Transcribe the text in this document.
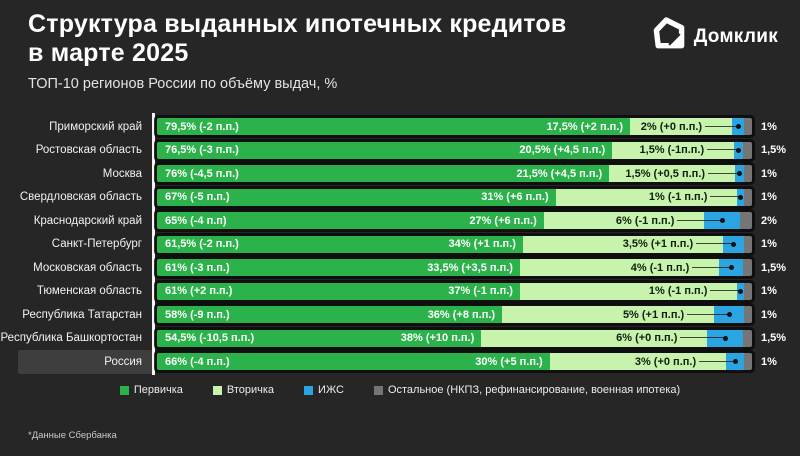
Структура выданных ипотечных кредитов
в марте 2025
ТОП-10 регионов России по объёму выдач, %
Домклик
Приморский край	79,5% (-2 п.п.)	17,5% (+2 п.п.) 2% (+0 п.п.)	1%
Ростовская область	76,5% (-3 п.п.)	20,5% (+4,5 п.п.)	1,5% (-1п.п.)	1,5%
Москва	76% (-4,5 п.п.)	21,5% (+4,5 п.п.) 1,5% (+0,5 п.п.)	1%
Свердловская область	67% (-5 п.п.)	31% (+6 п.п.)	1% (-1 п.п.)	1%
Краснодарский край	65% (-4 п.п)	27% (+6 п.п.)	6% (-1 п.п.)	2%
Санкт-Петербург	61,5% (-2 п.п.)	34% (+1 п.п.)	3,5% (+1 п.п.)	1%
Московская область	61% (-3 п.п.)	33,5% (+3,5 п.п.)	4% (-1 п.п.)	1,5%
Тюменская область	61% (+2 п.п.)	37% (-1 п.п.)	1% (-1 п.п.)	1%
Республика Татарстан	58% (-9 п.п.)	36% (+8 п.п.)	5% (+1 п.п.)	1%
Республика Башкортостан	54,5% (-10,5 п.п.)	38% (+10 п.п.)	6% (+0 п.п.)	1,5%
Россия	66% (-4 п.п.)	30% (+5 п.п.)	3% (+0 п.п.)	1%
Первичка	Вторичка	ИЖС	Остальное (НКПЗ, рефинансирование, военная ипотека)
*Данные Сбербанка
